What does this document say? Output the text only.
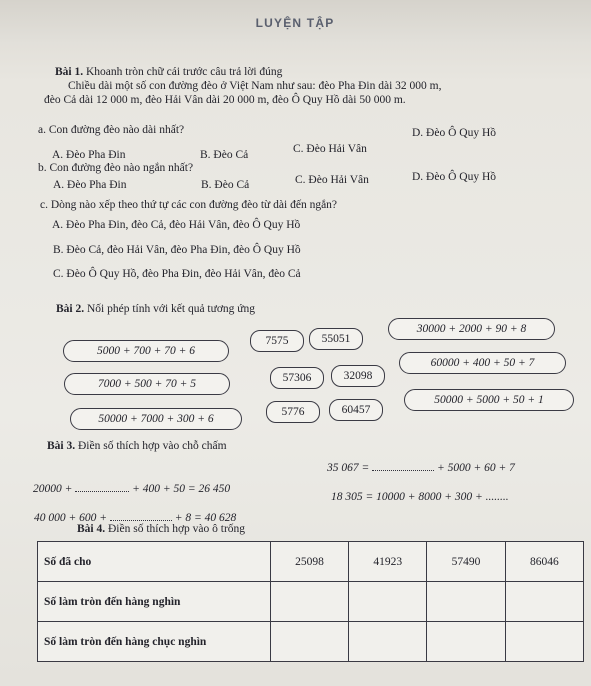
LUYỆN TẬP
Bài 1. Khoanh tròn chữ cái trước câu trả lời đúng
Chiều dài một số con đường đèo ở Việt Nam như sau: đèo Pha Đin dài 32 000 m,
đèo Cả dài 12 000 m, đèo Hải Vân dài 20 000 m, đèo Ô Quy Hồ dài 50 000 m.
a. Con đường đèo nào dài nhất?
A. Đèo Pha Đin	B. Đèo Cả	C. Đèo Hải Vân
D. Đèo Ô Quy Hồ
b. Con đường đèo nào ngắn nhất?
A. Đèo Pha Đin	B. Đèo Cả	C. Đèo Hải Vân	D. Đèo Ô Quy Hồ
c. Dòng nào xếp theo thứ tự các con đường đèo từ dài đến ngắn?
A. Đèo Pha Đin, đèo Cả, đèo Hải Vân, đèo Ô Quy Hồ
B. Đèo Cả, đèo Hải Vân, đèo Pha Đin, đèo Ô Quy Hồ
C. Đèo Ô Quy Hồ, đèo Pha Đin, đèo Hải Vân, đèo Cả
Bài 2. Nối phép tính với kết quả tương ứng
5000 + 700 + 70 + 6
7000 + 500 + 70 + 5
50000 + 7000 + 300 + 6
7575	55051
57306	32098
5776	60457
30000 + 2000 + 90 + 8
60000 + 400 + 50 + 7
50000 + 5000 + 50 + 1
Bài 3. Điền số thích hợp vào chỗ chấm
20000 +	+ 400 + 50 = 26 450
35 067 =	+ 5000 + 60 + 7
40 000 + 600 +	+ 8 = 40 628
18 305 = 10000 + 8000 + 300 + ........
Bài 4. Điền số thích hợp vào ô trống
Số đã cho	25098	41923	57490	86046
Số làm tròn đến hàng nghìn				
Số làm tròn đến hàng chục nghìn				
